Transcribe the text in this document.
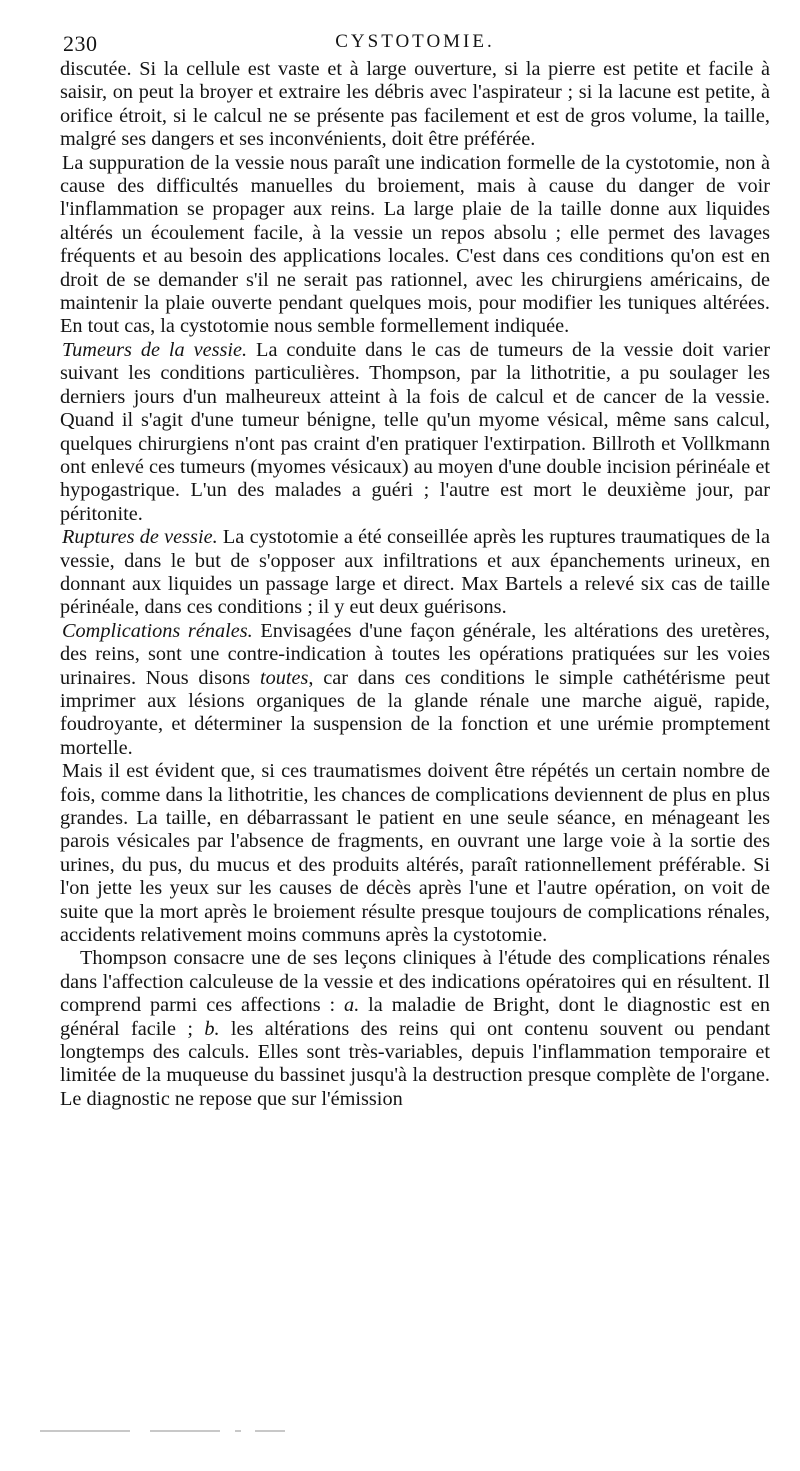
230	CYSTOTOMIE.

discutée. Si la cellule est vaste et à large ouverture, si la pierre est petite et facile à saisir, on peut la broyer et extraire les débris avec l'aspirateur ; si la lacune est petite, à orifice étroit, si le calcul ne se présente pas facilement et est de gros volume, la taille, malgré ses dangers et ses inconvénients, doit être préférée.

La suppuration de la vessie nous paraît une indication formelle de la cystotomie, non à cause des difficultés manuelles du broiement, mais à cause du danger de voir l'inflammation se propager aux reins. La large plaie de la taille donne aux liquides altérés un écoulement facile, à la vessie un repos absolu ; elle permet des lavages fréquents et au besoin des applications locales. C'est dans ces conditions qu'on est en droit de se demander s'il ne serait pas rationnel, avec les chirurgiens américains, de maintenir la plaie ouverte pendant quelques mois, pour modifier les tuniques altérées. En tout cas, la cystotomie nous semble formellement indiquée.

Tumeurs de la vessie. La conduite dans le cas de tumeurs de la vessie doit varier suivant les conditions particulières. Thompson, par la lithotritie, a pu soulager les derniers jours d'un malheureux atteint à la fois de calcul et de cancer de la vessie. Quand il s'agit d'une tumeur bénigne, telle qu'un myome vésical, même sans calcul, quelques chirurgiens n'ont pas craint d'en pratiquer l'extirpation. Billroth et Vollkmann ont enlevé ces tumeurs (myomes vésicaux) au moyen d'une double incision périnéale et hypogastrique. L'un des malades a guéri ; l'autre est mort le deuxième jour, par péritonite.

Ruptures de vessie. La cystotomie a été conseillée après les ruptures traumatiques de la vessie, dans le but de s'opposer aux infiltrations et aux épanchements urineux, en donnant aux liquides un passage large et direct. Max Bartels a relevé six cas de taille périnéale, dans ces conditions ; il y eut deux guérisons.

Complications rénales. Envisagées d'une façon générale, les altérations des uretères, des reins, sont une contre-indication à toutes les opérations pratiquées sur les voies urinaires. Nous disons toutes, car dans ces conditions le simple cathétérisme peut imprimer aux lésions organiques de la glande rénale une marche aiguë, rapide, foudroyante, et déterminer la suspension de la fonction et une urémie promptement mortelle.

Mais il est évident que, si ces traumatismes doivent être répétés un certain nombre de fois, comme dans la lithotritie, les chances de complications deviennent de plus en plus grandes. La taille, en débarrassant le patient en une seule séance, en ménageant les parois vésicales par l'absence de fragments, en ouvrant une large voie à la sortie des urines, du pus, du mucus et des produits altérés, paraît rationnellement préférable. Si l'on jette les yeux sur les causes de décès après l'une et l'autre opération, on voit de suite que la mort après le broiement résulte presque toujours de complications rénales, accidents relativement moins communs après la cystotomie.

Thompson consacre une de ses leçons cliniques à l'étude des complications rénales dans l'affection calculeuse de la vessie et des indications opératoires qui en résultent. Il comprend parmi ces affections : a. la maladie de Bright, dont le diagnostic est en général facile ; b. les altérations des reins qui ont contenu souvent ou pendant longtemps des calculs. Elles sont très-variables, depuis l'inflammation temporaire et limitée de la muqueuse du bassinet jusqu'à la destruction presque complète de l'organe. Le diagnostic ne repose que sur l'émission
